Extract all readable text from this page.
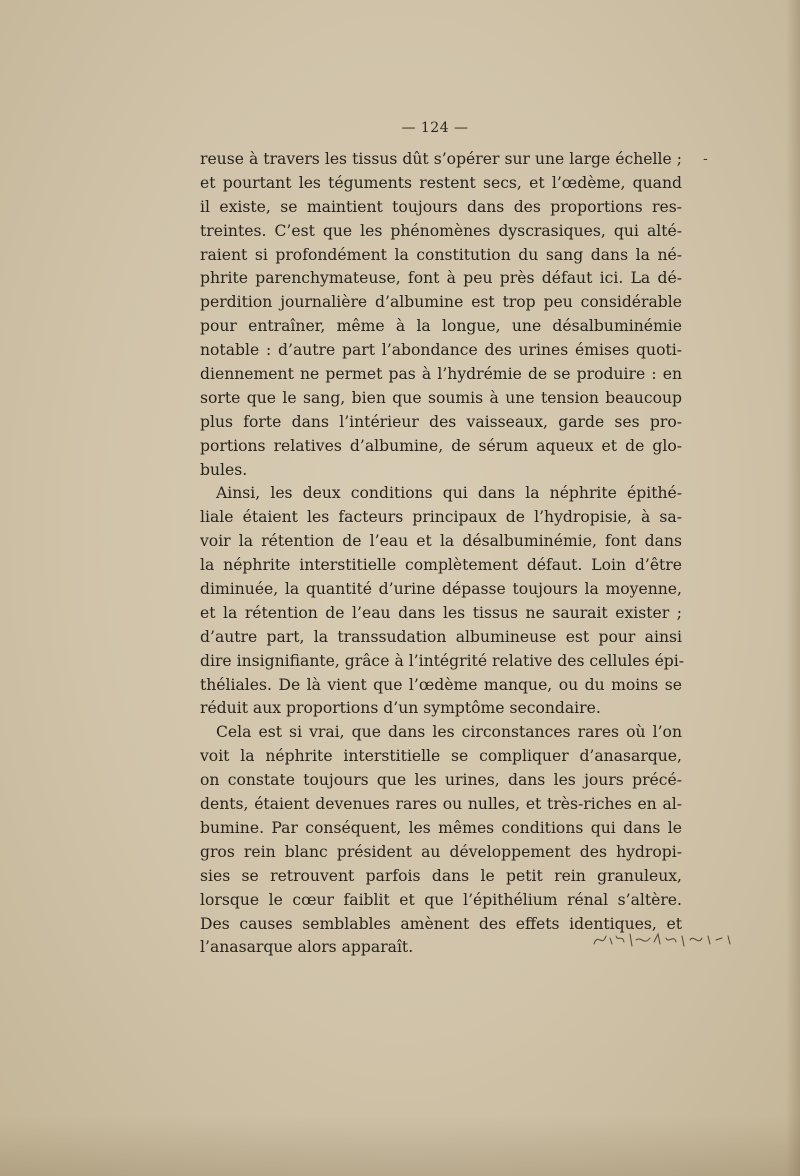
— 124 —
-
reuse à travers les tissus dût s’opérer sur une large échelle ;
et pourtant les téguments restent secs, et l’œdème, quand
il existe, se maintient toujours dans des proportions res-
treintes. C’est que les phénomènes dyscrasiques, qui alté-
raient si profondément la constitution du sang dans la né-
phrite parenchymateuse, font à peu près défaut ici. La dé-
perdition journalière d’albumine est trop peu considérable
pour entraîner, même à la longue, une désalbuminémie
notable : d’autre part l’abondance des urines émises quoti-
diennement ne permet pas à l’hydrémie de se produire : en
sorte que le sang, bien que soumis à une tension beaucoup
plus forte dans l’intérieur des vaisseaux, garde ses pro-
portions relatives d’albumine, de sérum aqueux et de glo-
bules.
Ainsi, les deux conditions qui dans la néphrite épithé-
liale étaient les facteurs principaux de l’hydropisie, à sa-
voir la rétention de l’eau et la désalbuminémie, font dans
la néphrite interstitielle complètement défaut. Loin d’être
diminuée, la quantité d’urine dépasse toujours la moyenne,
et la rétention de l’eau dans les tissus ne saurait exister ;
d’autre part, la transsudation albumineuse est pour ainsi
dire insignifiante, grâce à l’intégrité relative des cellules épi-
théliales. De là vient que l’œdème manque, ou du moins se
réduit aux proportions d’un symptôme secondaire.
Cela est si vrai, que dans les circonstances rares où l’on
voit la néphrite interstitielle se compliquer d’anasarque,
on constate toujours que les urines, dans les jours précé-
dents, étaient devenues rares ou nulles, et très-riches en al-
bumine. Par conséquent, les mêmes conditions qui dans le
gros rein blanc président au développement des hydropi-
sies se retrouvent parfois dans le petit rein granuleux,
lorsque le cœur faiblit et que l’épithélium rénal s’altère.
Des causes semblables amènent des effets identiques, et
l’anasarque alors apparaît.
